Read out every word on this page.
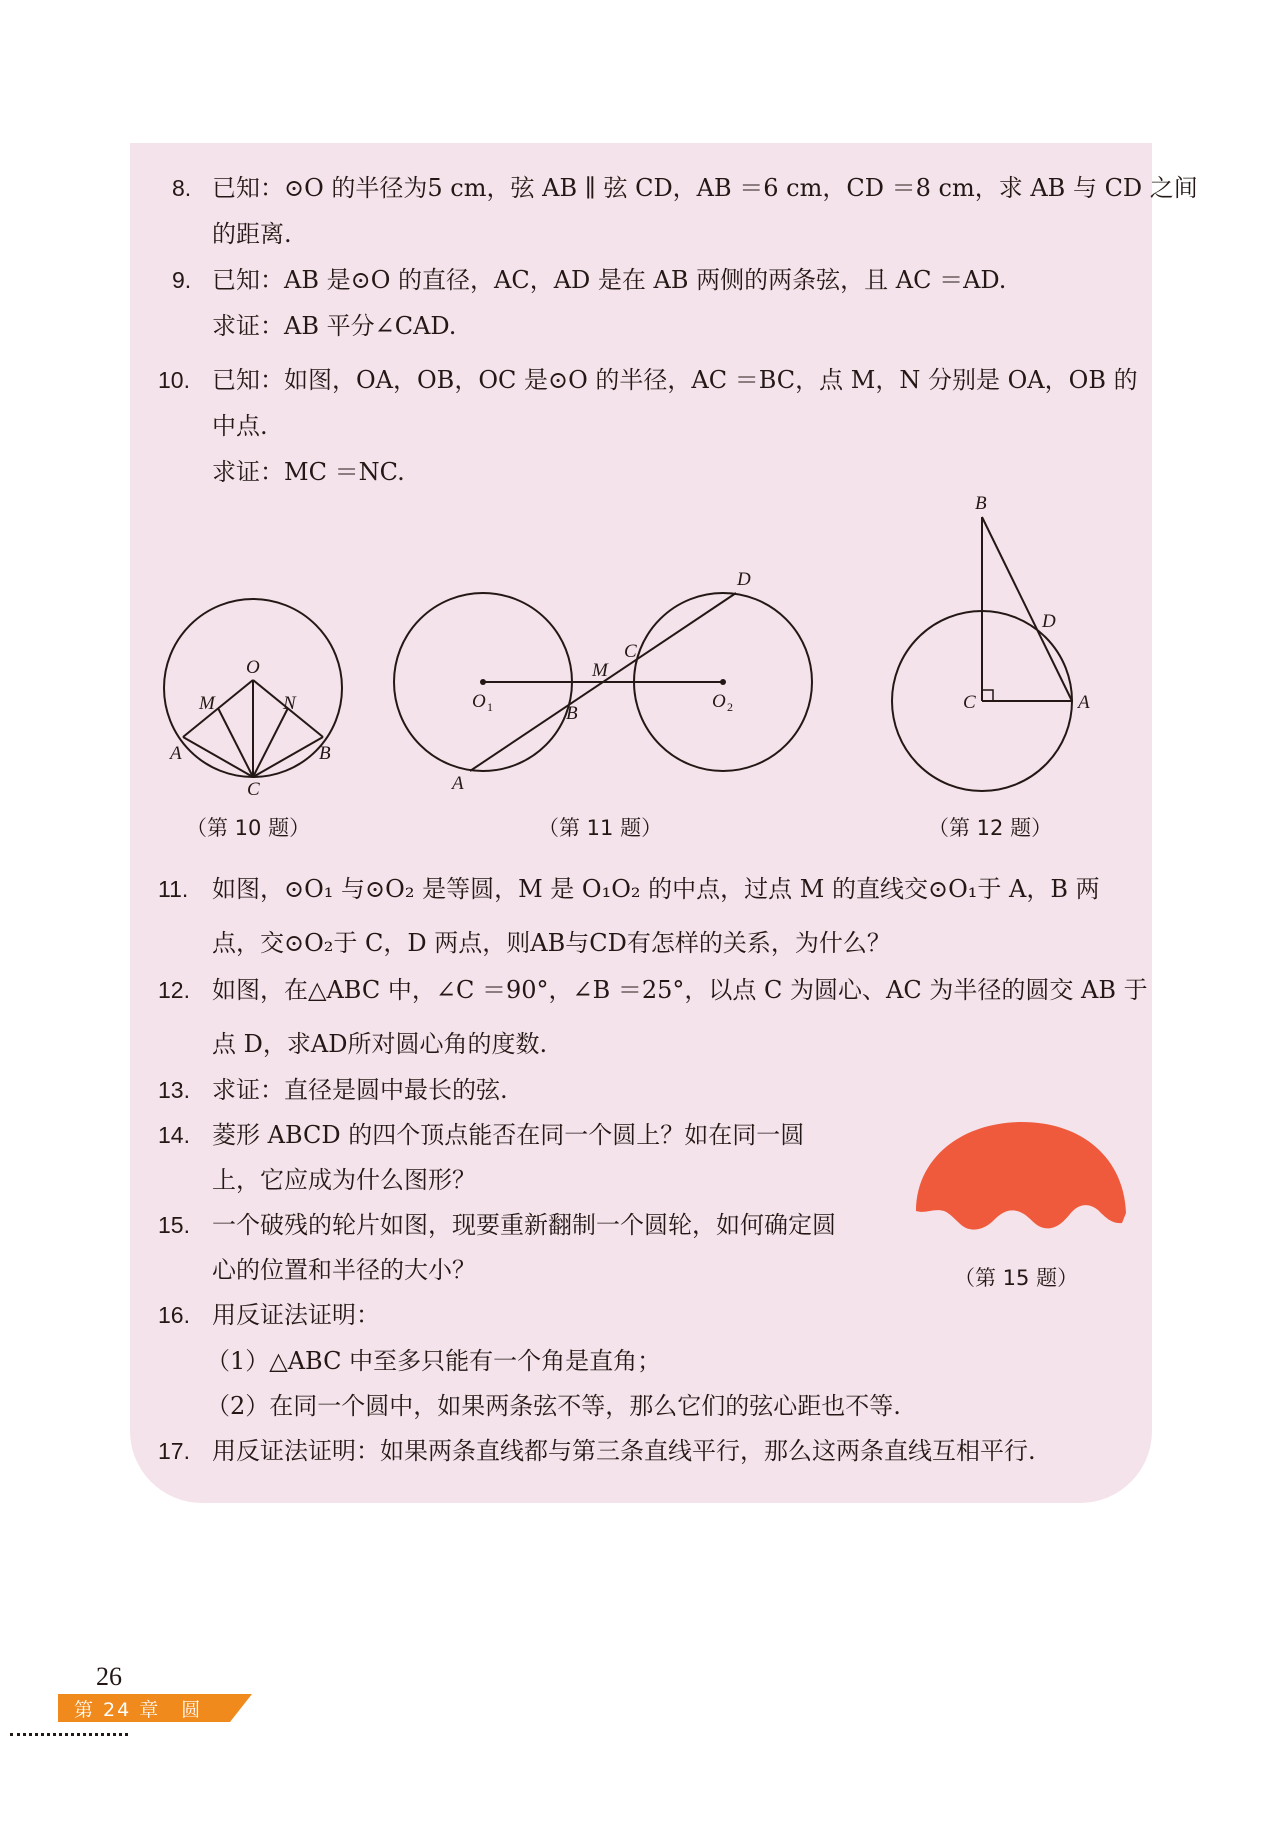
8. 已知：⊙O 的半径为5 cm，弦 AB ∥ 弦 CD，AB ＝6 cm，CD ＝8 cm，求 AB 与 CD 之间
的距离.
9. 已知：AB 是⊙O 的直径，AC，AD 是在 AB 两侧的两条弦，且 AC ＝AD.
求证：AB 平分∠CAD.
10. 已知：如图，OA，OB，OC 是⊙O 的半径，AC ＝BC，点 M，N 分别是 OA，OB 的
中点.
求证：MC ＝NC.
O
M	N
A	B
C
O 1	O 2
M
B
C
D
A
B
D
C	A
（第 10 题）	（第 11 题）	（第 12 题）
11. 如图，⊙O₁ 与⊙O₂ 是等圆，M 是 O₁O₂ 的中点，过点 M 的直线交⊙O₁于 A，B 两
点，交⊙O₂于 C，D 两点，则AB与CD有怎样的关系，为什么？
12. 如图，在△ABC 中，∠C ＝90°，∠B ＝25°，以点 C 为圆心、AC 为半径的圆交 AB 于
点 D，求AD所对圆心角的度数.
13. 求证：直径是圆中最长的弦.
14. 菱形 ABCD 的四个顶点能否在同一个圆上？如在同一圆
上，它应成为什么图形？
15. 一个破残的轮片如图，现要重新翻制一个圆轮，如何确定圆
心的位置和半径的大小？	（第 15 题）
16. 用反证法证明：
（1）△ABC 中至多只能有一个角是直角；
（2）在同一个圆中，如果两条弦不等，那么它们的弦心距也不等.
17. 用反证法证明：如果两条直线都与第三条直线平行，那么这两条直线互相平行.
26
第 24 章　圆
